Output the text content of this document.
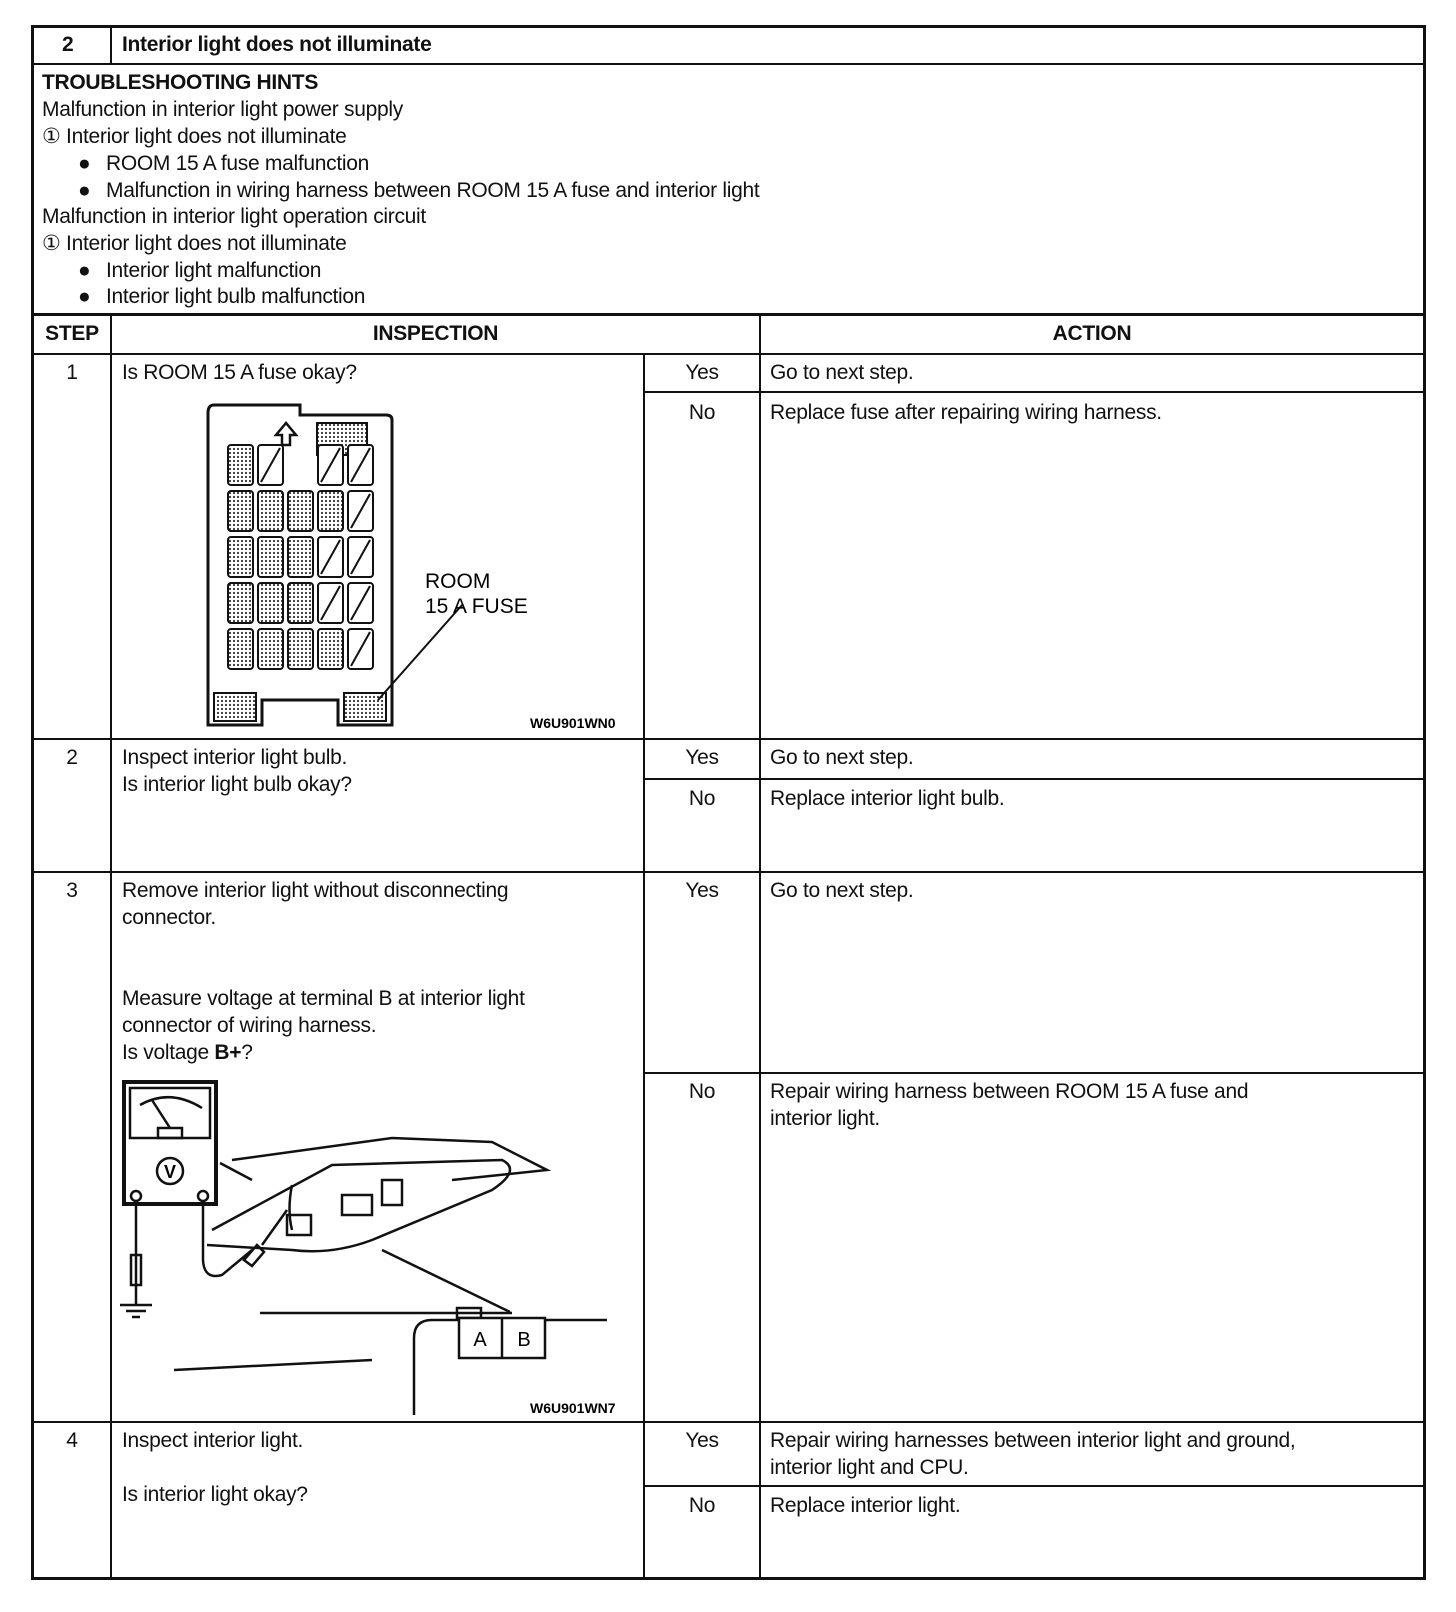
2 Interior light does not illuminate
TROUBLESHOOTING HINTS
Malfunction in interior light power supply
① Interior light does not illuminate
● ROOM 15 A fuse malfunction
● Malfunction in wiring harness between ROOM 15 A fuse and interior light
Malfunction in interior light operation circuit
① Interior light does not illuminate
● Interior light malfunction
● Interior light bulb malfunction
STEP	INSPECTION	ACTION
1	Is ROOM 15 A fuse okay?	Yes	Go to next step.
No	Replace fuse after repairing wiring harness.
ROOM
15 A FUSE
W6U901WN0
2	Inspect interior light bulb.
Is interior light bulb okay?
Yes	Go to next step.
No	Replace interior light bulb.
3	Remove interior light without disconnecting
connector.
Measure voltage at terminal B at interior light
connector of wiring harness.
Is voltage B+?
Yes	Go to next step.
No	Repair wiring harness between ROOM 15 A fuse and
interior light.
A B
V
W6U901WN7
4	Inspect interior light.
Is interior light okay?
Yes	Repair wiring harnesses between interior light and ground,
interior light and CPU.
No	Replace interior light.
